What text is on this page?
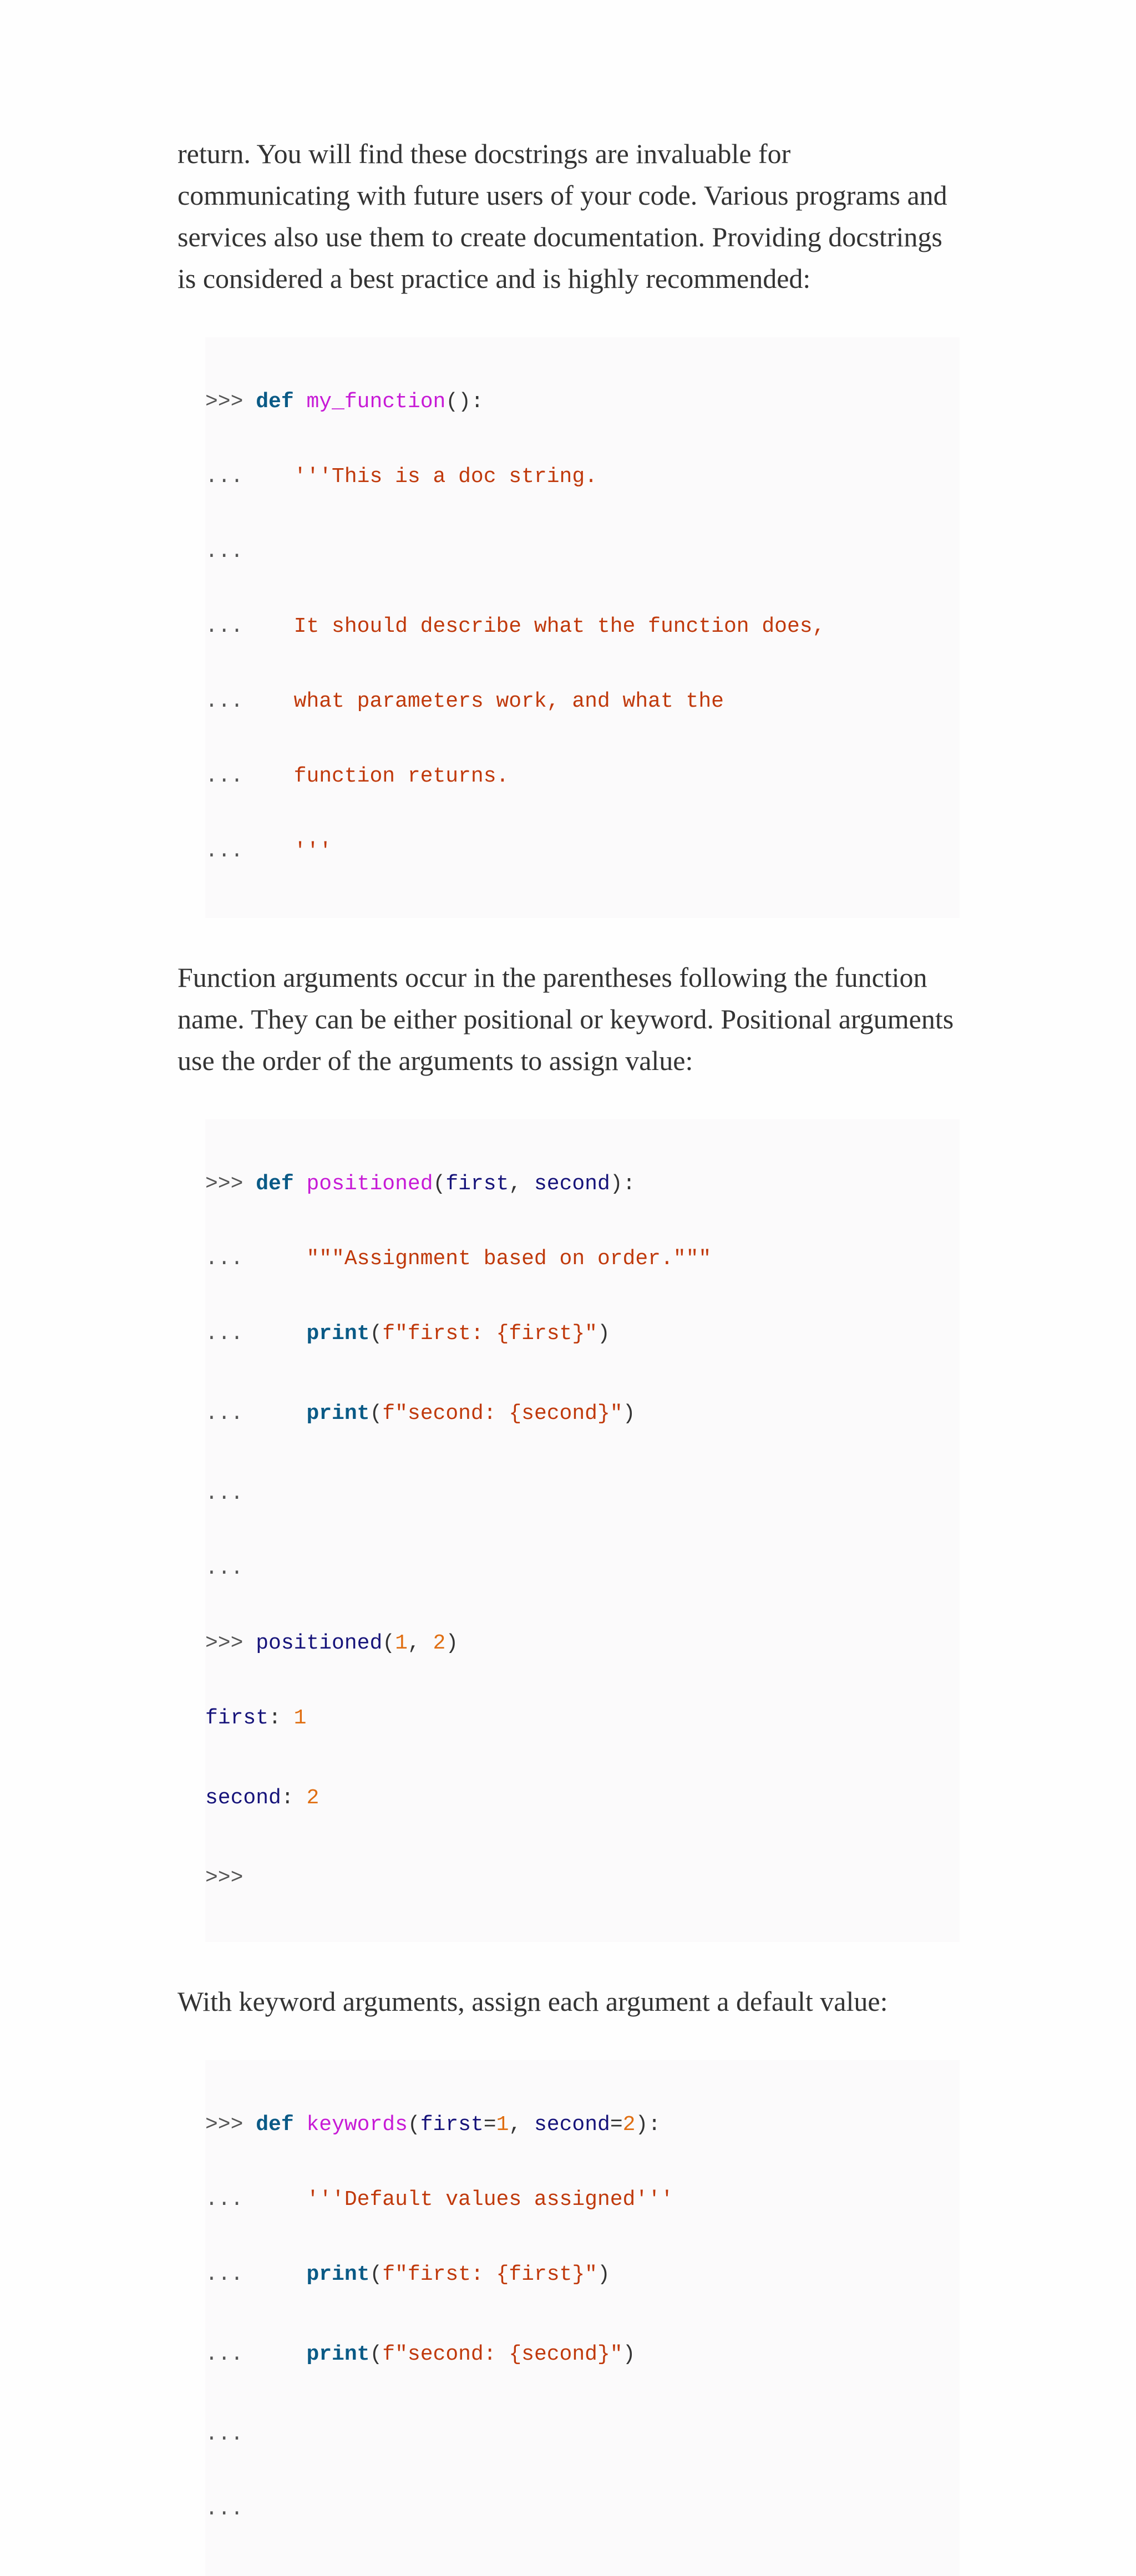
return. You will find these docstrings are invaluable for
communicating with future users of your code. Various programs and
services also use them to create documentation. Providing docstrings
is considered a best practice and is highly recommended:

>>> def my_function():

... '''This is a doc string.

...

... It should describe what the function does,

... what parameters work, and what the

... function returns.

... '''

Function arguments occur in the parentheses following the function
name. They can be either positional or keyword. Positional arguments
use the order of the arguments to assign value:

>>> def positioned(first, second):

...	"""Assignment based on order."""

...	print(f"first: {first}")

...	print(f"second: {second}")

...

...

>>> positioned(1, 2)

first: 1

second: 2

>>>

With keyword arguments, assign each argument a default value:

>>> def keywords(first=1, second=2):

...	'''Default values assigned'''

...	print(f"first: {first}")

...	print(f"second: {second}")

...

...
